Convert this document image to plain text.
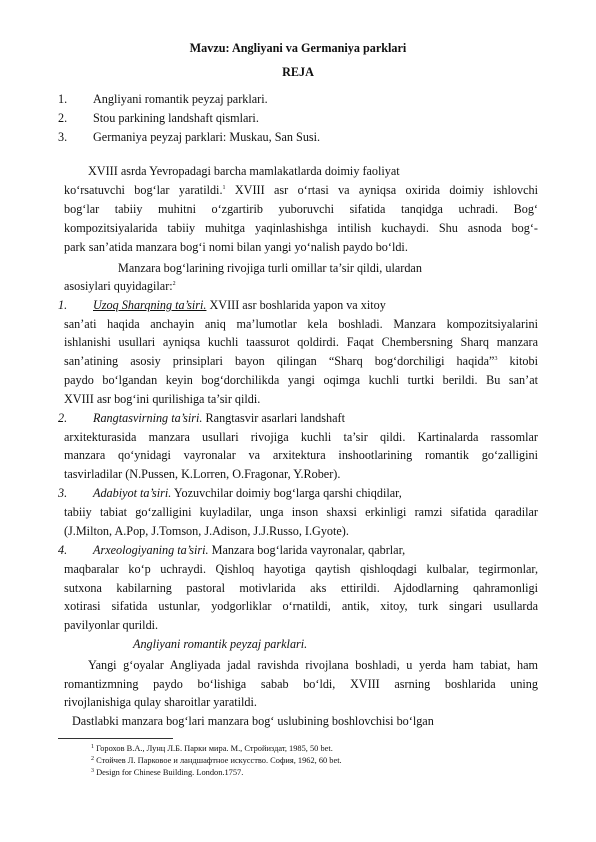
Mavzu: Angliyani va Germaniya parklari
REJA
1. Angliyani romantik peyzaj parklari.
2. Stou parkining landshaft qismlari.
3. Germaniya peyzaj parklari: Muskau, San Susi.
XVIII asrda Yevropadagi barcha mamlakatlarda doimiy faoliyat
ko‘rsatuvchi bog‘lar yaratildi.$^1$ XVIII asr o‘rtasi va ayniqsa oxirida doimiy ishlovchi
bog‘lar tabiiy muhitni o‘zgartirib yuboruvchi sifatida tanqidga uchradi. Bog‘
kompozitsiyalarida tabiiy muhitga yaqinlashishga intilish kuchaydi. Shu asnoda bog‘-
park san’atida manzara bog‘i nomi bilan yangi yo‘nalish paydo bo‘ldi.
Manzara bog‘larining rivojiga turli omillar ta’sir qildi, ulardan
asosiylari quyidagilar:$^2$
1. Uzoq Sharqning ta’siri. XVIII asr boshlarida yapon va xitoy
san’ati haqida anchayin aniq ma’lumotlar kela boshladi. Manzara kompozitsiyalarini
ishlanishi usullari ayniqsa kuchli taassurot qoldirdi. Faqat Chembersning Sharq manzara
san’atining asosiy prinsiplari bayon qilingan “Sharq bog‘dorchiligi haqida”$^3$ kitobi
paydo bo‘lgandan keyin bog‘dorchilikda yangi oqimga kuchli turtki berildi. Bu san’at
XVIII asr bog‘ini qurilishiga ta’sir qildi.
2. Rangtasvirning ta’siri. Rangtasvir asarlari landshaft
arxitekturasida manzara usullari rivojiga kuchli ta’sir qildi. Kartinalarda rassomlar
manzara qo‘ynidagi vayronalar va arxitektura inshootlarining romantik go‘zalligini
tasvirladilar (N.Pussen, K.Lorren, O.Fragonar, Y.Rober).
3. Adabiyot ta’siri. Yozuvchilar doimiy bog‘larga qarshi chiqdilar,
tabiiy tabiat go‘zalligini kuyladilar, unga inson shaxsi erkinligi ramzi sifatida qaradilar
(J.Milton, A.Pop, J.Tomson, J.Adison, J.J.Russo, I.Gyote).
4. Arxeologiyaning ta’siri. Manzara bog‘larida vayronalar, qabrlar,
maqbaralar ko‘p uchraydi. Qishloq hayotiga qaytish qishloqdagi kulbalar, tegirmonlar,
sutxona kabilarning pastoral motivlarida aks ettirildi. Ajdodlarning qahramonligi
xotirasi sifatida ustunlar, yodgorliklar o‘rnatildi, antik, xitoy, turk singari usullarda
pavilyonlar qurildi.
Angliyani romantik peyzaj parklari.
Yangi g‘oyalar Angliyada jadal ravishda rivojlana boshladi, u yerda ham tabiat, ham
romantizmning paydo bo‘lishiga sabab bo‘ldi, XVIII asrning boshlarida uning
rivojlanishiga qulay sharoitlar yaratildi.
Dastlabki manzara bog‘lari manzara bog‘ uslubining boshlovchisi bo‘lgan
$^1$ Горохов В.А., Лунц Л.Б. Парки мира. М., Стройиздат, 1985, 50 bet.
$^2$ Стойчев Л. Парковое и ландшафтное искусство. София, 1962, 60 bet.
$^3$ Design for Chinese Building. London.1757.
